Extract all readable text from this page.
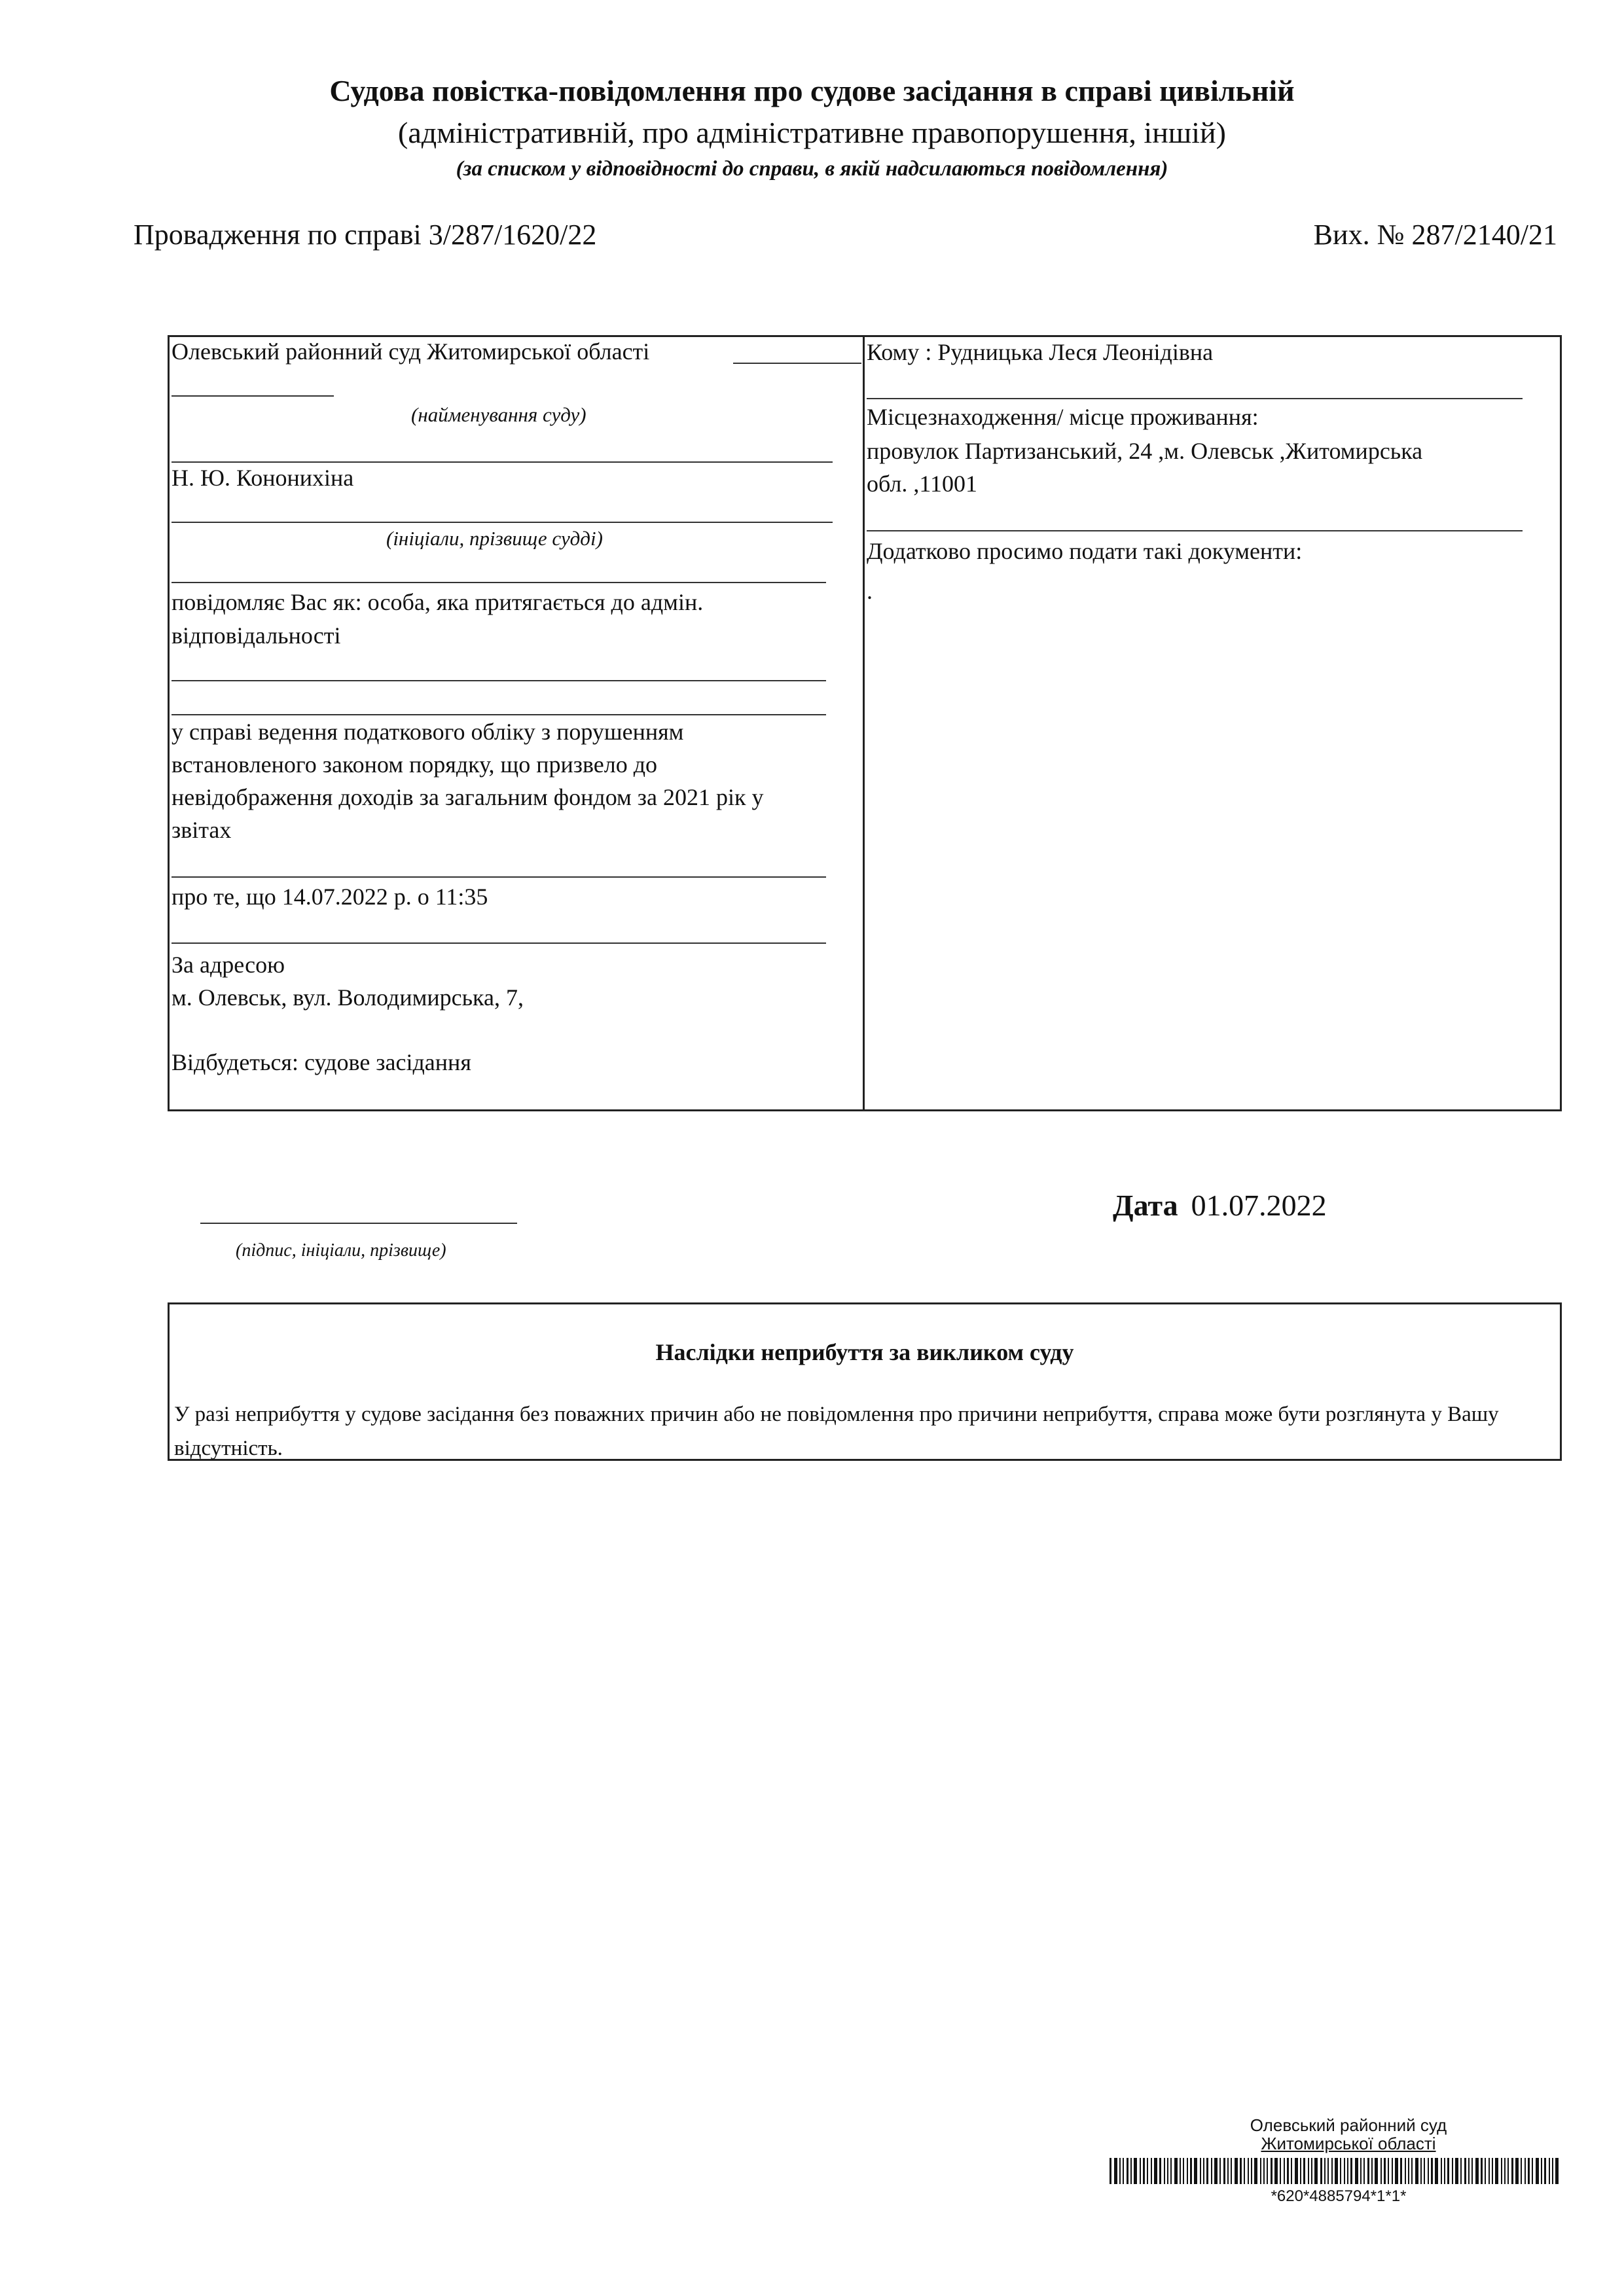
Судова повістка-повідомлення про судове засідання в справі цивільній
(адміністративній, про адміністративне правопорушення, іншій)
(за списком у відповідності до справи, в якій надсилаються повідомлення)
Провадження по справі 3/287/1620/22	Вих. № 287/2140/21
Олевський районний суд Житомирської області
(найменування суду)
Н. Ю. Кононихіна
(ініціали, прізвище судді)
повідомляє Вас як: особа, яка притягається до адмін.
відповідальності
у справі ведення податкового обліку з порушенням
встановленого законом порядку, що призвело до
невідображення доходів за загальним фондом за 2021 рік у
звітах
про те, що 14.07.2022 р. о 11:35
За адресою
м. Олевськ, вул. Володимирська, 7,
Відбудеться: судове засідання
Кому : Рудницька Леся Леонідівна
Місцезнаходження/ місце проживання:
провулок Партизанський, 24 ,м. Олевськ ,Житомирська
обл. ,11001
Додатково просимо подати такі документи:
.
(підпис, ініціали, прізвище)
Дата 01.07.2022
Наслідки неприбуття за викликом суду
У разі неприбуття у судове засідання без поважних причин або не повідомлення про причини неприбуття, справа може бути розглянута у Вашу відсутність.
Олевський районний суд
Житомирської області
*620*4885794*1*1*
